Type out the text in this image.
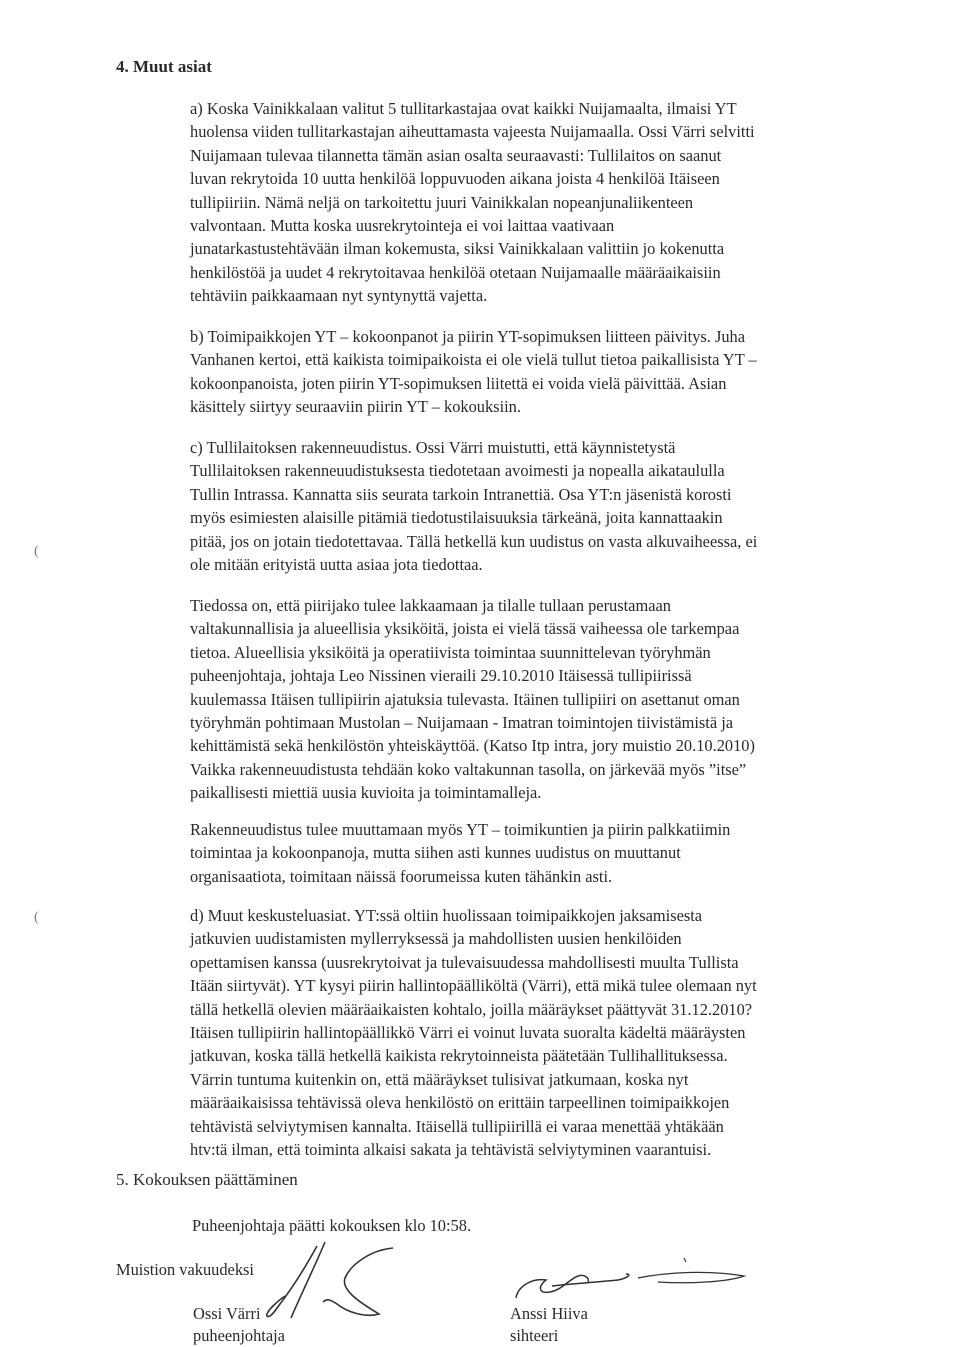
4. Muut asiat

a) Koska Vainikkalaan valitut 5 tullitarkastajaa ovat kaikki Nuijamaalta, ilmaisi YT
huolensa viiden tullitarkastajan aiheuttamasta vajeesta Nuijamaalla. Ossi Värri selvitti
Nuijamaan tulevaa tilannetta tämän asian osalta seuraavasti: Tullilaitos on saanut
luvan rekrytoida 10 uutta henkilöä loppuvuoden aikana joista 4 henkilöä Itäiseen
tullipiiriin. Nämä neljä on tarkoitettu juuri Vainikkalan nopeanjunaliikenteen
valvontaan. Mutta koska uusrekrytointeja ei voi laittaa vaativaan
junatarkastustehtävään ilman kokemusta, siksi Vainikkalaan valittiin jo kokenutta
henkilöstöä ja uudet 4 rekrytoitavaa henkilöä otetaan Nuijamaalle määräaikaisiin
tehtäviin paikkaamaan nyt syntynyttä vajetta.

b) Toimipaikkojen YT – kokoonpanot ja piirin YT-sopimuksen liitteen päivitys. Juha
Vanhanen kertoi, että kaikista toimipaikoista ei ole vielä tullut tietoa paikallisista YT –
kokoonpanoista, joten piirin YT-sopimuksen liitettä ei voida vielä päivittää. Asian
käsittely siirtyy seuraaviin piirin YT – kokouksiin.

c) Tullilaitoksen rakenneuudistus. Ossi Värri muistutti, että käynnistetystä
Tullilaitoksen rakenneuudistuksesta tiedotetaan avoimesti ja nopealla aikataululla
Tullin Intrassa. Kannatta siis seurata tarkoin Intranettiä. Osa YT:n jäsenistä korosti
myös esimiesten alaisille pitämiä tiedotustilaisuuksia tärkeänä, joita kannattaakin
pitää, jos on jotain tiedotettavaa. Tällä hetkellä kun uudistus on vasta alkuvaiheessa, ei
ole mitään erityistä uutta asiaa jota tiedottaa.

Tiedossa on, että piirijako tulee lakkaamaan ja tilalle tullaan perustamaan
valtakunnallisia ja alueellisia yksiköitä, joista ei vielä tässä vaiheessa ole tarkempaa
tietoa. Alueellisia yksiköitä ja operatiivista toimintaa suunnittelevan työryhmän
puheenjohtaja, johtaja Leo Nissinen vieraili 29.10.2010 Itäisessä tullipiirissä
kuulemassa Itäisen tullipiirin ajatuksia tulevasta. Itäinen tullipiiri on asettanut oman
työryhmän pohtimaan Mustolan – Nuijamaan - Imatran toimintojen tiivistämistä ja
kehittämistä sekä henkilöstön yhteiskäyttöä. (Katso Itp intra, jory muistio 20.10.2010)
Vaikka rakenneuudistusta tehdään koko valtakunnan tasolla, on järkevää myös ”itse”
paikallisesti miettiä uusia kuvioita ja toimintamalleja.

Rakenneuudistus tulee muuttamaan myös YT – toimikuntien ja piirin palkkatiimin
toimintaa ja kokoonpanoja, mutta siihen asti kunnes uudistus on muuttanut
organisaatiota, toimitaan näissä foorumeissa kuten tähänkin asti.

d) Muut keskusteluasiat. YT:ssä oltiin huolissaan toimipaikkojen jaksamisesta
jatkuvien uudistamisten myllerryksessä ja mahdollisten uusien henkilöiden
opettamisen kanssa (uusrekrytoivat ja tulevaisuudessa mahdollisesti muulta Tullista
Itään siirtyvät). YT kysyi piirin hallintopäälliköltä (Värri), että mikä tulee olemaan nyt
tällä hetkellä olevien määräaikaisten kohtalo, joilla määräykset päättyvät 31.12.2010?
Itäisen tullipiirin hallintopäällikkö Värri ei voinut luvata suoralta kädeltä määräysten
jatkuvan, koska tällä hetkellä kaikista rekrytoinneista päätetään Tullihallituksessa.
Värrin tuntuma kuitenkin on, että määräykset tulisivat jatkumaan, koska nyt
määräaikaisissa tehtävissä oleva henkilöstö on erittäin tarpeellinen toimipaikkojen
tehtävistä selviytymisen kannalta. Itäisellä tullipiirillä ei varaa menettää yhtäkään
htv:tä ilman, että toiminta alkaisi sakata ja tehtävistä selviytyminen vaarantuisi.

5. Kokouksen päättäminen
Puheenjohtaja päätti kokouksen klo 10:58.
Muistion vakuudeksi
Ossi Värri
puheenjohtaja
Anssi Hiiva
sihteeri
(
(
